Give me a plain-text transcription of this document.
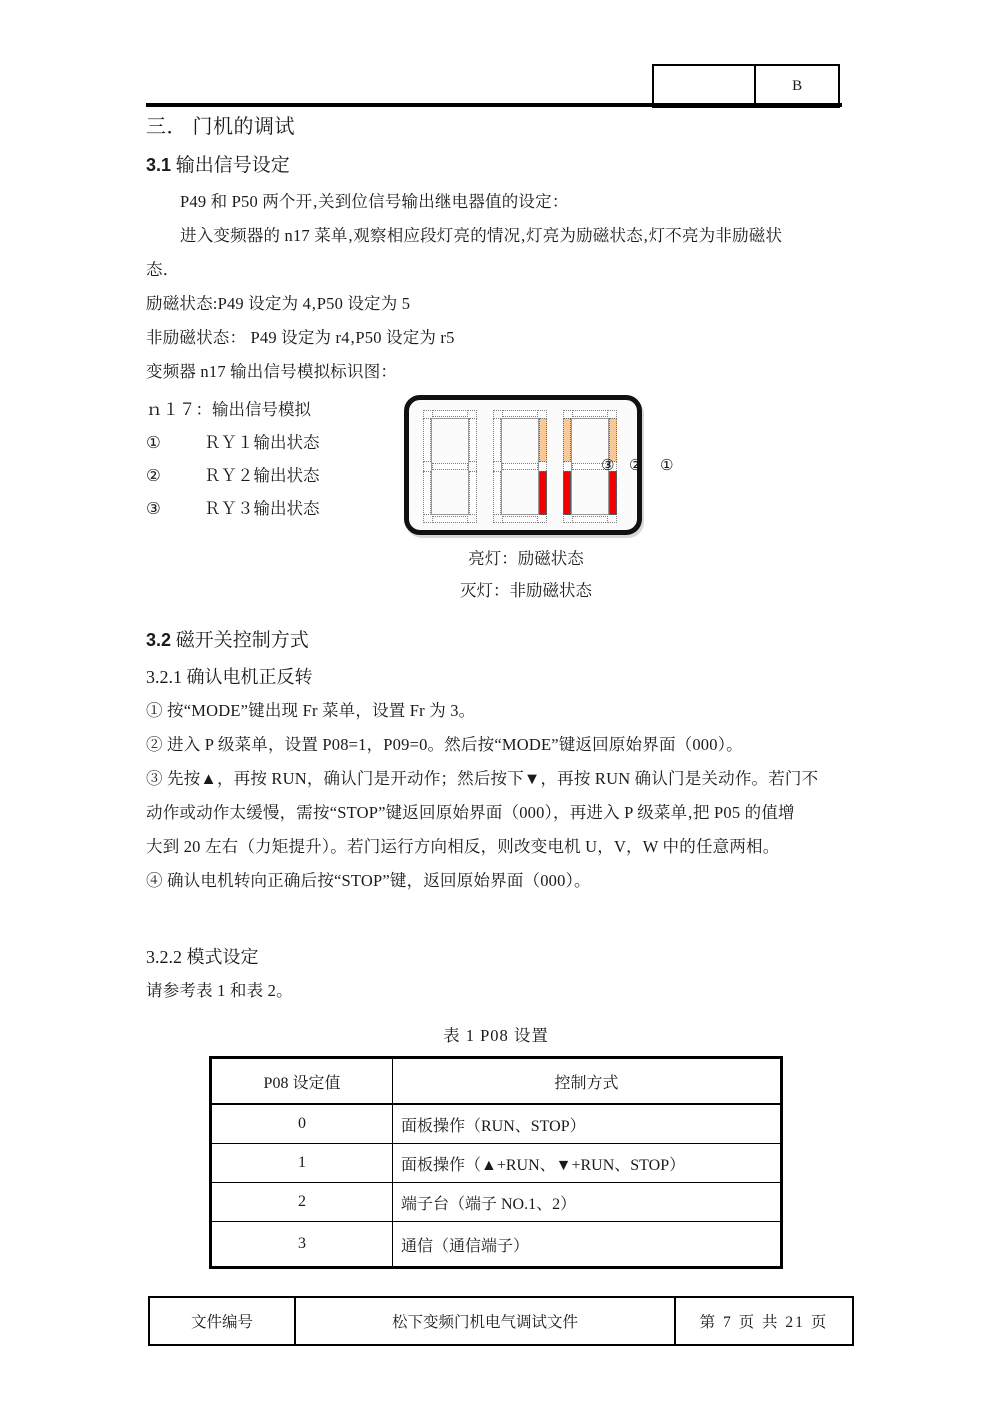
	B
三． 门机的调试
3.1 输出信号设定

P49 和 P50 两个开‚关到位信号输出继电器值的设定：

进入变频器的 n17 菜单‚观察相应段灯亮的情况‚灯亮为励磁状态‚灯不亮为非励磁状

态．

励磁状态:P49 设定为 4‚P50 设定为 5

非励磁状态： P49 设定为 r4‚P50 设定为 r5

变频器 n17 输出信号模拟标识图：

ｎ１７：输出信号模拟
①	ＲＹ１输出状态
②	ＲＹ２输出状态
③	ＲＹ３输出状态
③ ② ①

亮灯：励磁状态

灭灯：非励磁状态

3.2 磁开关控制方式
3.2.1 确认电机正反转

① 按“MODE”键出现 Fr 菜单，设置 Fr 为 3。

② 进入 P 级菜单，设置 P08=1，P09=0。然后按“MODE”键返回原始界面（000）。

③ 先按▲，再按 RUN，确认门是开动作；然后按下▼，再按 RUN 确认门是关动作。若门不

动作或动作太缓慢，需按“STOP”键返回原始界面（000），再进入 P 级菜单‚把 P05 的值增

大到 20 左右（力矩提升）。若门运行方向相反，则改变电机 U，V，W 中的任意两相。

④ 确认电机转向正确后按“STOP”键，返回原始界面（000）。

3.2.2 模式设定

请参考表 1 和表 2。

表 1 P08 设置

P08 设定值	控制方式
0	面板操作（RUN、STOP）
1	面板操作（▲+RUN、▼+RUN、STOP）
2	端子台（端子 NO.1、2）
3	通信（通信端子）
文件编号	松下变频门机电气调试文件	第 7 页 共 21 页
